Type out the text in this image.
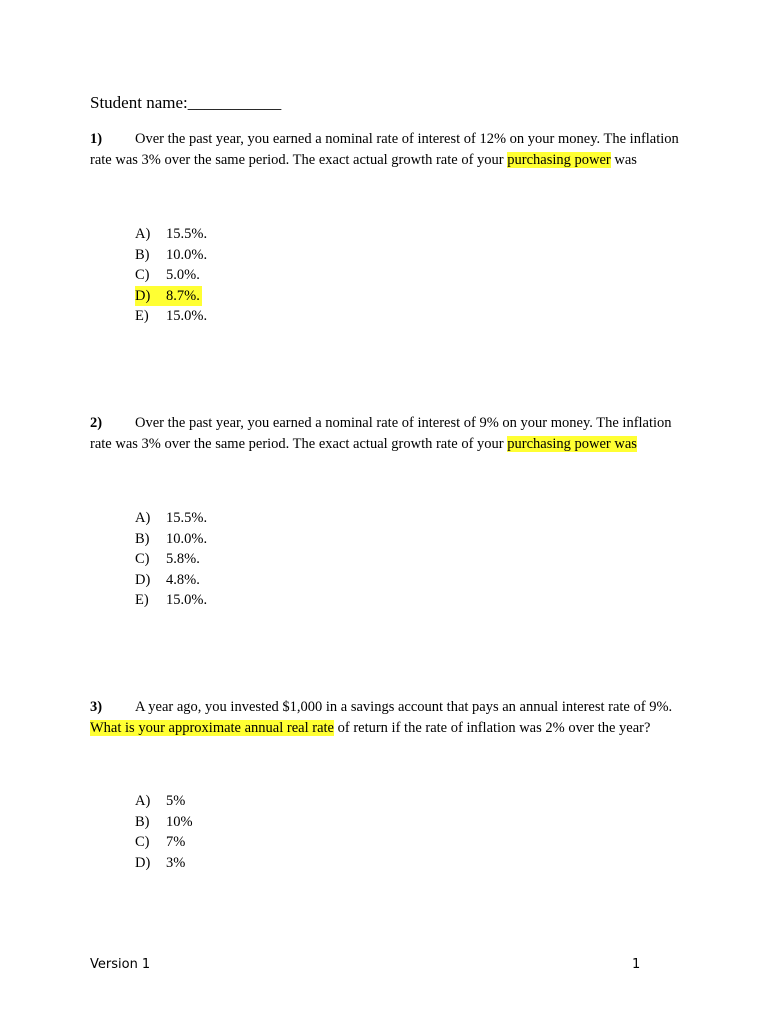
Student name:___________
1) Over the past year, you earned a nominal rate of interest of 12% on your money. The inflation rate was 3% over the same period. The exact actual growth rate of your purchasing power was
A) 15.5%.
B) 10.0%.
C) 5.0%.
D) 8.7%.
E) 15.0%.
2) Over the past year, you earned a nominal rate of interest of 9% on your money. The inflation rate was 3% over the same period. The exact actual growth rate of your purchasing power was
A) 15.5%.
B) 10.0%.
C) 5.8%.
D) 4.8%.
E) 15.0%.
3) A year ago, you invested $1,000 in a savings account that pays an annual interest rate of 9%. What is your approximate annual real rate of return if the rate of inflation was 2% over the year?
A) 5%
B) 10%
C) 7%
D) 3%
Version 1	1
